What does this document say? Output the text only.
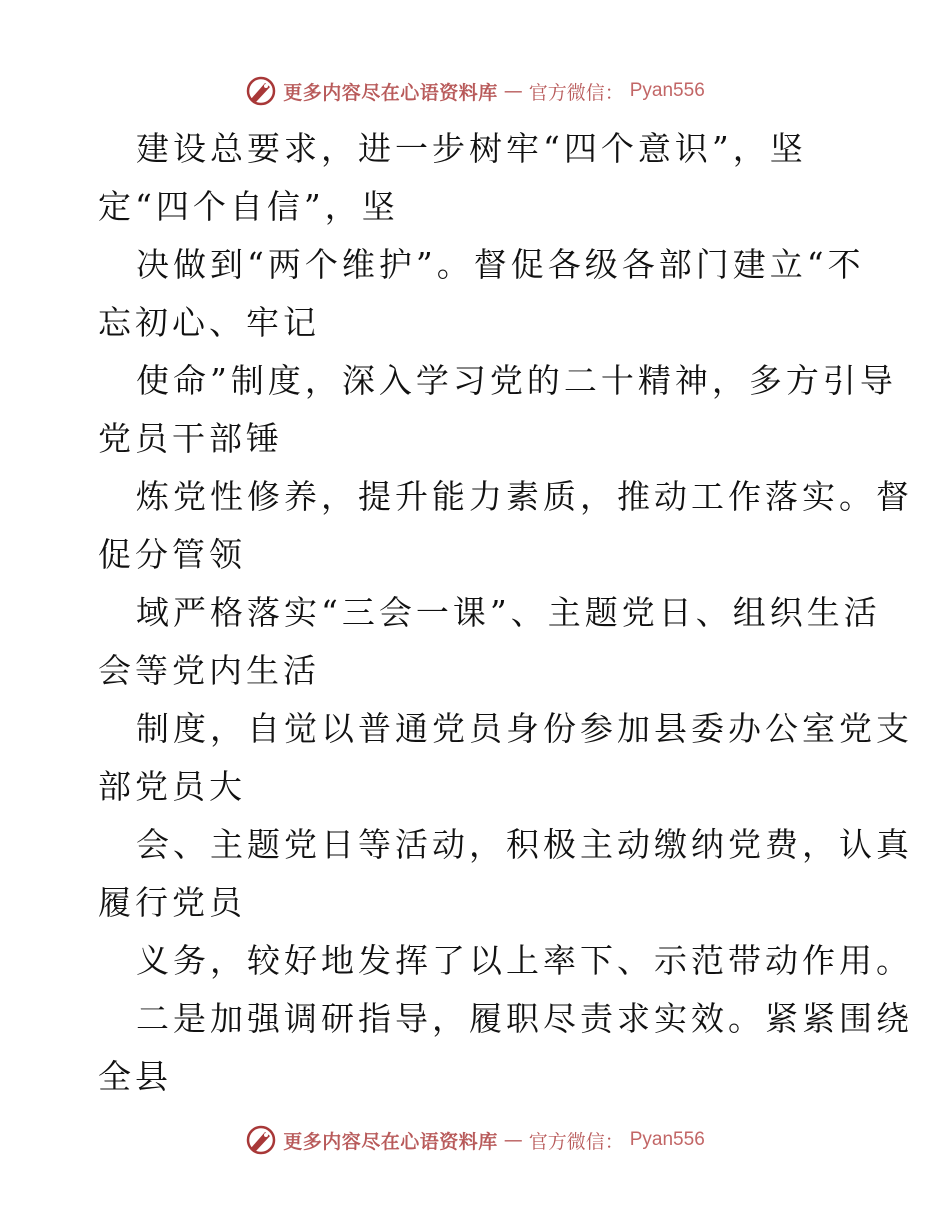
更多内容尽在心语资料库 — 官方微信： Pyan556
建设总要求，进一步树牢“四个意识”，坚
定“四个自信”，坚
决做到“两个维护”。督促各级各部门建立“不
忘初心、牢记
使命”制度，深入学习党的二十精神，多方引导
党员干部锤
炼党性修养，提升能力素质，推动工作落实。督
促分管领
域严格落实“三会一课”、主题党日、组织生活
会等党内生活
制度，自觉以普通党员身份参加县委办公室党支
部党员大
会、主题党日等活动，积极主动缴纳党费，认真
履行党员
义务，较好地发挥了以上率下、示范带动作用。
二是加强调研指导，履职尽责求实效。紧紧围绕
全县
更多内容尽在心语资料库 — 官方微信： Pyan556
